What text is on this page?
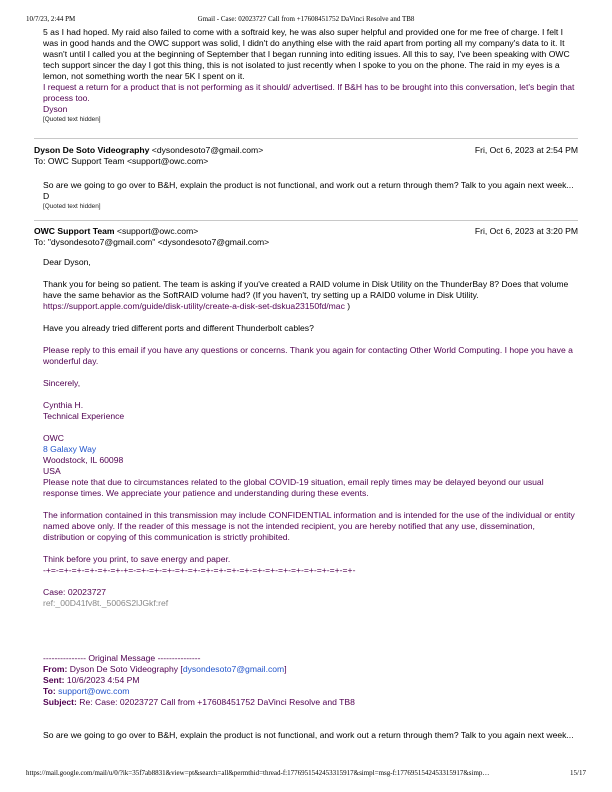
10/7/23, 2:44 PM	Gmail - Case: 02023727 Call from +17608451752 DaVinci Resolve and TB8

5 as I had hoped. My raid also failed to come with a softraid key, he was also super helpful and provided one for me free of charge. I felt I was in good hands and the OWC support was solid, I didn't do anything else with the raid apart from porting all my company's data to it. It wasn't until I called you at the beginning of September that I began running into editing issues. All this to say, I've been speaking with OWC tech support sincer the day I got this thing, this is not isolated to just recently when I spoke to you on the phone. The raid in my eyes is a lemon, not something worth the near 5K I spent on it.

I request a return for a product that is not performing as it should/ advertised. If B&H has to be brought into this conversation, let's begin that process too.

Dyson

[Quoted text hidden]

Dyson De Soto Videography <dysondesoto7@gmail.com>	Fri, Oct 6, 2023 at 2:54 PM
To: OWC Support Team <support@owc.com>

So are we going to go over to B&H, explain the product is not functional, and work out a return through them? Talk to you again next week...

D

[Quoted text hidden]

OWC Support Team <support@owc.com>	Fri, Oct 6, 2023 at 3:20 PM
To: "dysondesoto7@gmail.com" <dysondesoto7@gmail.com>

Dear Dyson,

Thank you for being so patient. The team is asking if you've created a RAID volume in Disk Utility on the ThunderBay 8? Does that volume have the same behavior as the SoftRAID volume had? (If you haven't, try setting up a RAID0 volume in Disk Utility. https://support.apple.com/guide/disk-utility/create-a-disk-set-dskua23150fd/mac )

Have you already tried different ports and different Thunderbolt cables?

Please reply to this email if you have any questions or concerns. Thank you again for contacting Other World Computing. I hope you have a wonderful day.

Sincerely,

Cynthia H.

Technical Experience

OWC

8 Galaxy Way

Woodstock, IL 60098

USA

Please note that due to circumstances related to the global COVID-19 situation, email reply times may be delayed beyond our usual response times. We appreciate your patience and understanding during these events.

The information contained in this transmission may include CONFIDENTIAL information and is intended for the use of the individual or entity named above only. If the reader of this message is not the intended recipient, you are hereby notified that any use, dissemination, distribution or copying of this communication is strictly prohibited.

Think before you print, to save energy and paper.

-+=-=+-=+-=+-=+-=+-+=-=+-=+-=+-=+-=+-=+-=+-=+-=+-=+-=+-=+-=+-=+-=+-=+-=+-

Case: 02023727

ref:_00D41fv8t._5006S2lJGkf:ref

--------------- Original Message ---------------

From: Dyson De Soto Videography [dysondesoto7@gmail.com]

Sent: 10/6/2023 4:54 PM

To: support@owc.com

Subject: Re: Case: 02023727 Call from +17608451752 DaVinci Resolve and TB8

So are we going to go over to B&H, explain the product is not functional, and work out a return through them? Talk to you again next week...

https://mail.google.com/mail/u/0/?ik=35f7ab8831&view=pt&search=all&permthid=thread-f:1776951542453315917&simpl=msg-f:1776951542453315917&simp…	15/17
